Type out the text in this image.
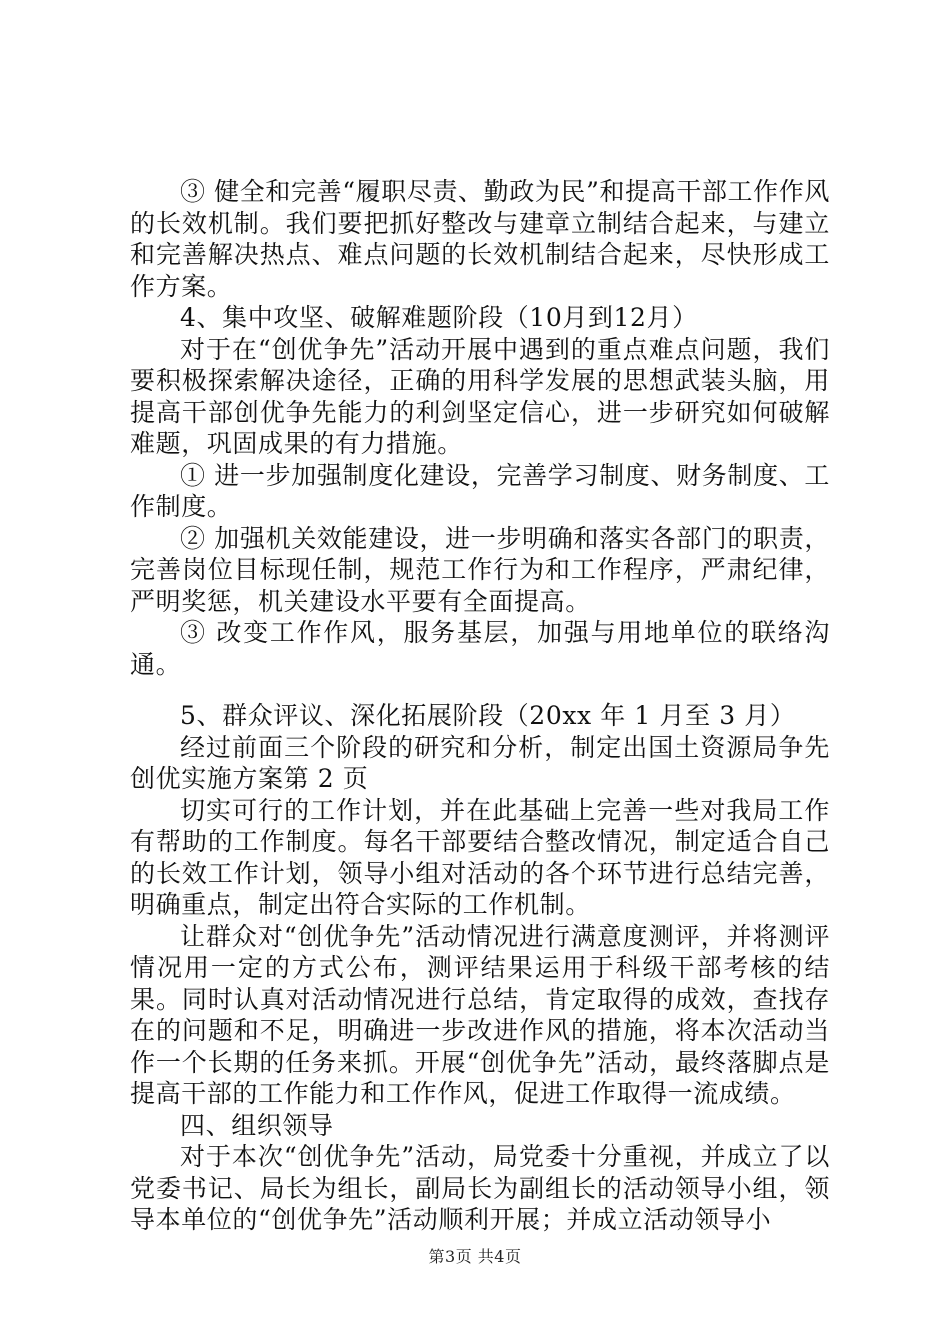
③ 健全和完善“履职尽责、勤政为民”和提高干部工作作风的长效机制。我们要把抓好整改与建章立制结合起来，与建立和完善解决热点、难点问题的长效机制结合起来，尽快形成工作方案。

4、集中攻坚、破解难题阶段（10月到12月）

对于在“创优争先”活动开展中遇到的重点难点问题，我们要积极探索解决途径，正确的用科学发展的思想武装头脑，用提高干部创优争先能力的利剑坚定信心，进一步研究如何破解难题，巩固成果的有力措施。

① 进一步加强制度化建设，完善学习制度、财务制度、工作制度。

② 加强机关效能建设，进一步明确和落实各部门的职责，完善岗位目标现任制，规范工作行为和工作程序，严肃纪律，严明奖惩，机关建设水平要有全面提高。

③ 改变工作作风，服务基层，加强与用地单位的联络沟通。

5、群众评议、深化拓展阶段（20xx 年 1 月至 3 月）

经过前面三个阶段的研究和分析，制定出国土资源局争先创优实施方案第 2 页

切实可行的工作计划，并在此基础上完善一些对我局工作有帮助的工作制度。每名干部要结合整改情况，制定适合自己的长效工作计划，领导小组对活动的各个环节进行总结完善，明确重点，制定出符合实际的工作机制。

让群众对“创优争先”活动情况进行满意度测评，并将测评情况用一定的方式公布，测评结果运用于科级干部考核的结果。同时认真对活动情况进行总结，肯定取得的成效，查找存在的问题和不足，明确进一步改进作风的措施，将本次活动当作一个长期的任务来抓。开展“创优争先”活动，最终落脚点是提高干部的工作能力和工作作风，促进工作取得一流成绩。

四、组织领导

对于本次“创优争先”活动，局党委十分重视，并成立了以党委书记、局长为组长，副局长为副组长的活动领导小组，领导本单位的“创优争先”活动顺利开展；并成立活动领导小

第3页 共4页
